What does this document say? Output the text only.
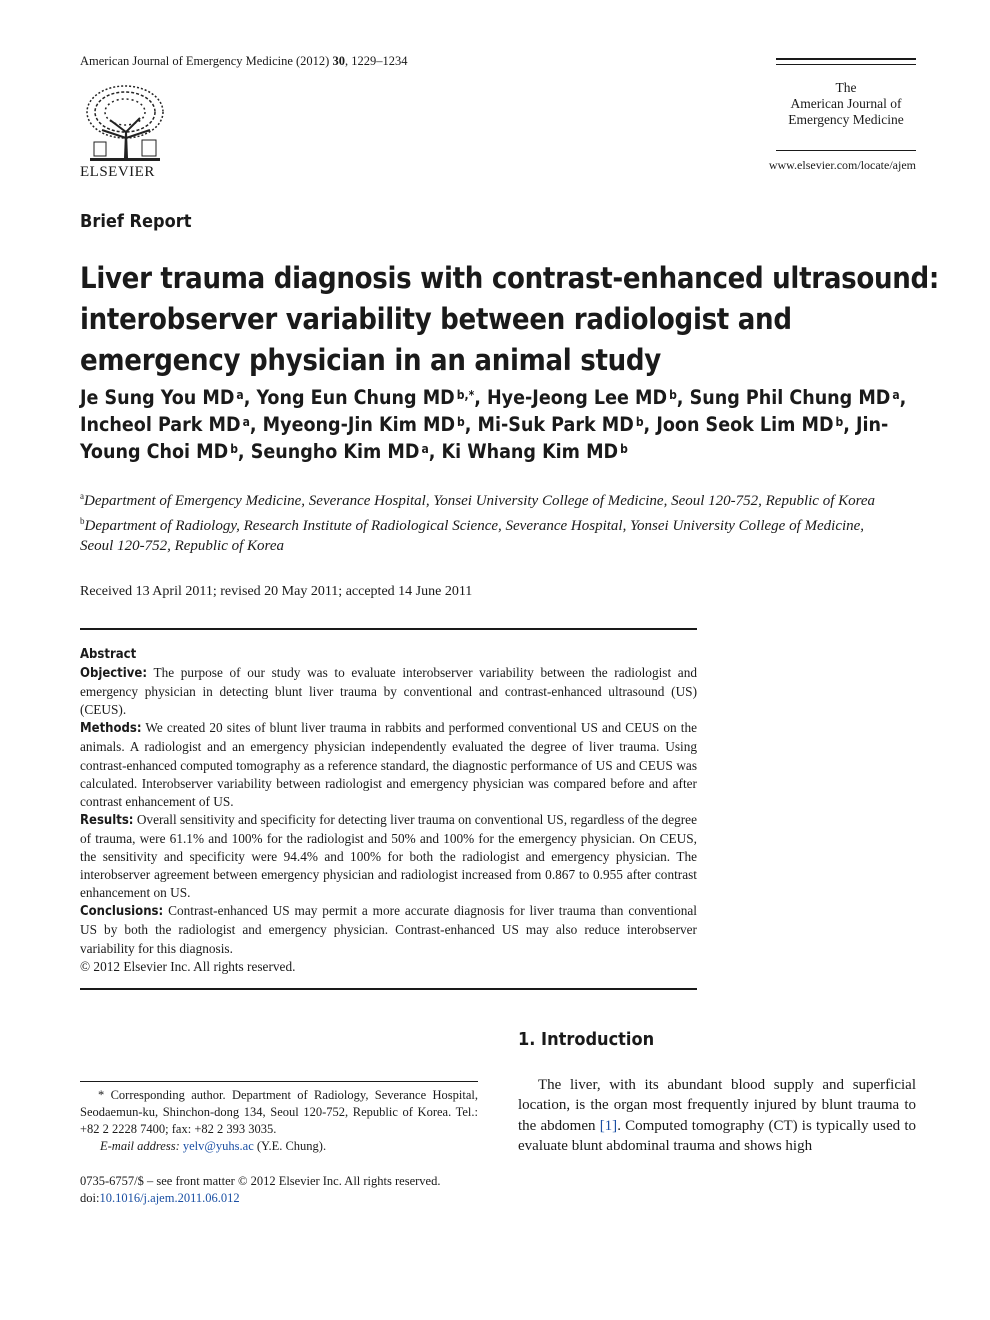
American Journal of Emergency Medicine (2012) 30, 1229–1234
ELSEVIER
The
American Journal of
Emergency Medicine
www.elsevier.com/locate/ajem
Brief Report
Liver trauma diagnosis with contrast-enhanced ultrasound: interobserver variability between radiologist and emergency physician in an animal study
Je Sung You MD $^a$, Yong Eun Chung MD $^{b,*}$, Hye-Jeong Lee MD $^b$, Sung Phil Chung MD $^a$, Incheol Park MD $^a$, Myeong-Jin Kim MD $^b$, Mi-Suk Park MD $^b$, Joon Seok Lim MD $^b$, Jin-Young Choi MD $^b$, Seungho Kim MD $^a$, Ki Whang Kim MD $^b$
$^a$Department of Emergency Medicine, Severance Hospital, Yonsei University College of Medicine, Seoul 120-752, Republic of Korea
$^b$Department of Radiology, Research Institute of Radiological Science, Severance Hospital, Yonsei University College of Medicine, Seoul 120-752, Republic of Korea
Received 13 April 2011; revised 20 May 2011; accepted 14 June 2011
Abstract
Objective: The purpose of our study was to evaluate interobserver variability between the radiologist and emergency physician in detecting blunt liver trauma by conventional and contrast-enhanced ultrasound (US) (CEUS).
Methods: We created 20 sites of blunt liver trauma in rabbits and performed conventional US and CEUS on the animals. A radiologist and an emergency physician independently evaluated the degree of liver trauma. Using contrast-enhanced computed tomography as a reference standard, the diagnostic performance of US and CEUS was calculated. Interobserver variability between radiologist and emergency physician was compared before and after contrast enhancement of US.
Results: Overall sensitivity and specificity for detecting liver trauma on conventional US, regardless of the degree of trauma, were 61.1% and 100% for the radiologist and 50% and 100% for the emergency physician. On CEUS, the sensitivity and specificity were 94.4% and 100% for both the radiologist and emergency physician. The interobserver agreement between emergency physician and radiologist increased from 0.867 to 0.955 after contrast enhancement on US.
Conclusions: Contrast-enhanced US may permit a more accurate diagnosis for liver trauma than conventional US by both the radiologist and emergency physician. Contrast-enhanced US may also reduce interobserver variability for this diagnosis.
© 2012 Elsevier Inc. All rights reserved.
1. Introduction
The liver, with its abundant blood supply and superficial location, is the organ most frequently injured by blunt trauma to the abdomen [1]. Computed tomography (CT) is typically used to evaluate blunt abdominal trauma and shows high
* Corresponding author. Department of Radiology, Severance Hospital, Seodaemun-ku, Shinchon-dong 134, Seoul 120-752, Republic of Korea. Tel.: +82 2 2228 7400; fax: +82 2 393 3035.
E-mail address: yelv@yuhs.ac (Y.E. Chung).
0735-6757/$ – see front matter © 2012 Elsevier Inc. All rights reserved.
doi:10.1016/j.ajem.2011.06.012
